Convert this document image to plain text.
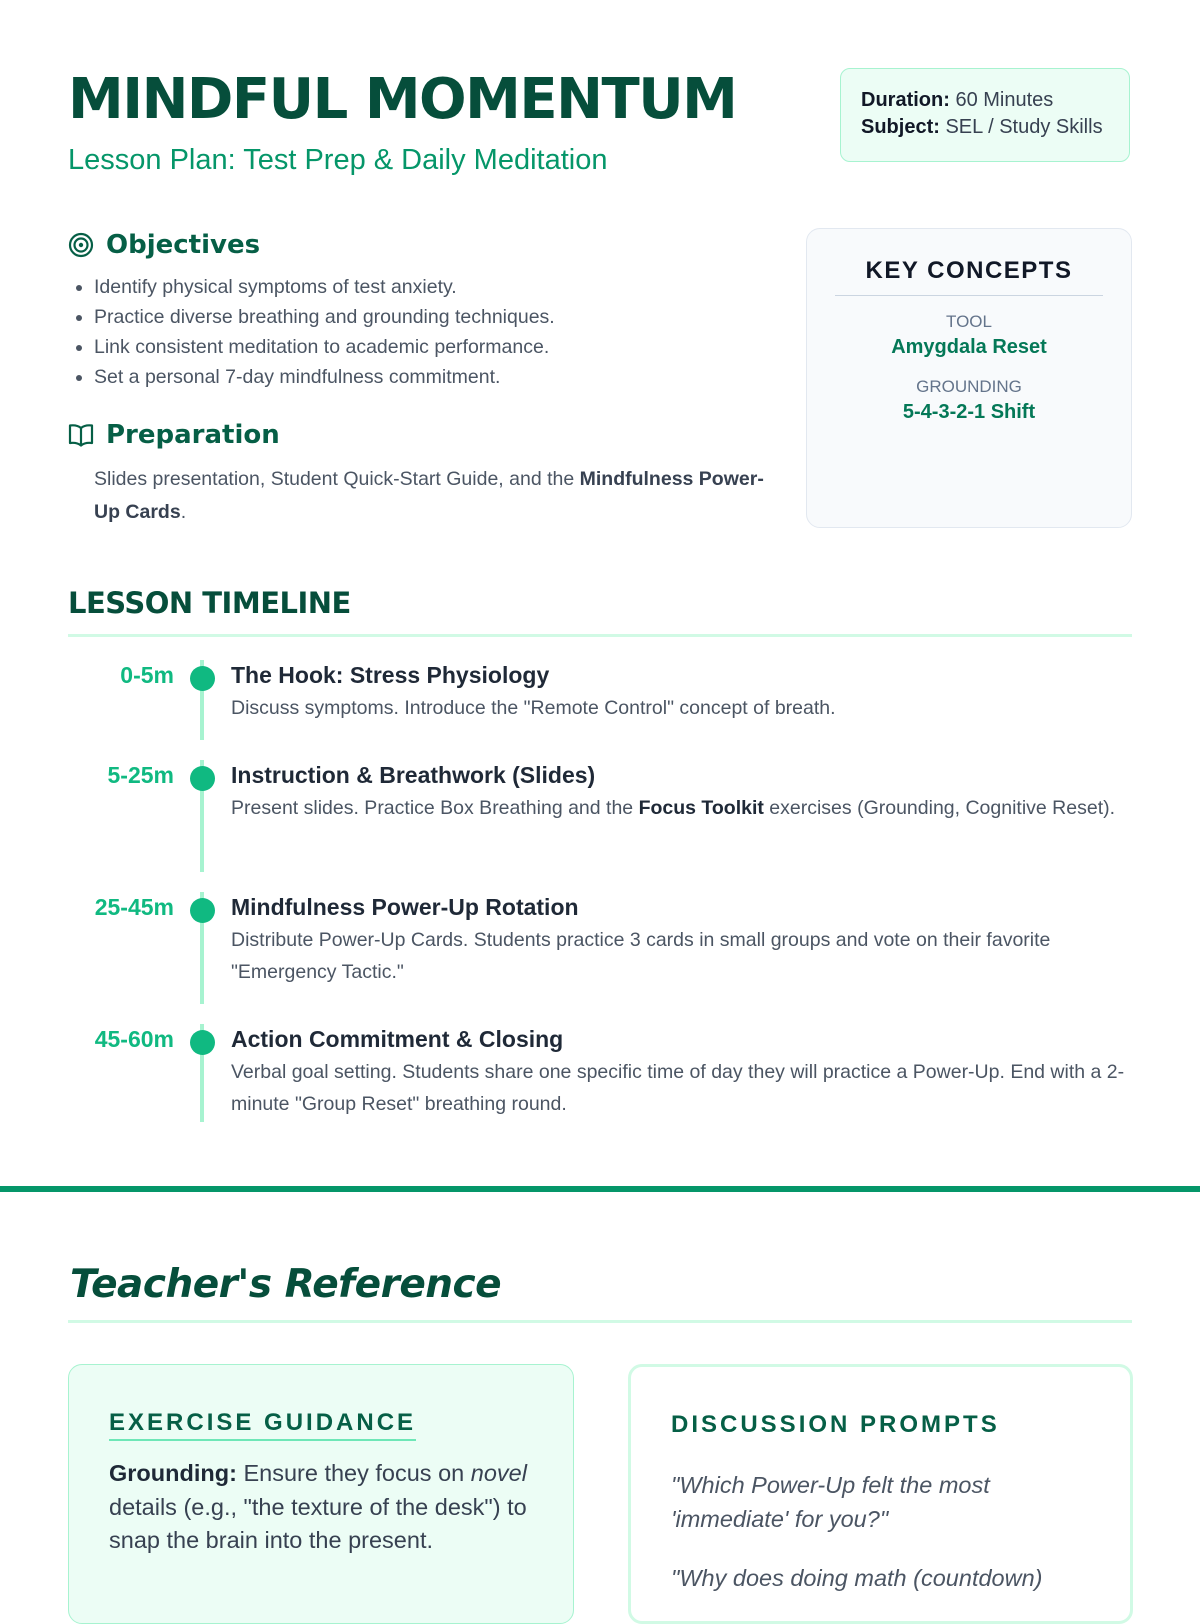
MINDFUL MOMENTUM
Lesson Plan: Test Prep & Daily Meditation
Duration: 60 Minutes
Subject: SEL / Study Skills
Objectives
• Identify physical symptoms of test anxiety.
• Practice diverse breathing and grounding techniques.
• Link consistent meditation to academic performance.
• Set a personal 7-day mindfulness commitment.
Preparation
Slides presentation, Student Quick-Start Guide, and the Mindfulness Power-Up Cards.
KEY CONCEPTS
TOOL
Amygdala Reset
GROUNDING
5-4-3-2-1 Shift
LESSON TIMELINE
0-5m The Hook: Stress Physiology
Discuss symptoms. Introduce the "Remote Control" concept of breath.
5-25m Instruction & Breathwork (Slides)
Present slides. Practice Box Breathing and the Focus Toolkit exercises (Grounding, Cognitive Reset).
25-45m Mindfulness Power-Up Rotation
Distribute Power-Up Cards. Students practice 3 cards in small groups and vote on their favorite "Emergency Tactic."
45-60m Action Commitment & Closing
Verbal goal setting. Students share one specific time of day they will practice a Power-Up. End with a 2-minute "Group Reset" breathing round.
Teacher's Reference
EXERCISE GUIDANCE
Grounding: Ensure they focus on novel details (e.g., "the texture of the desk") to snap the brain into the present.
DISCUSSION PROMPTS
"Which Power-Up felt the most 'immediate' for you?"
"Why does doing math (countdown)
